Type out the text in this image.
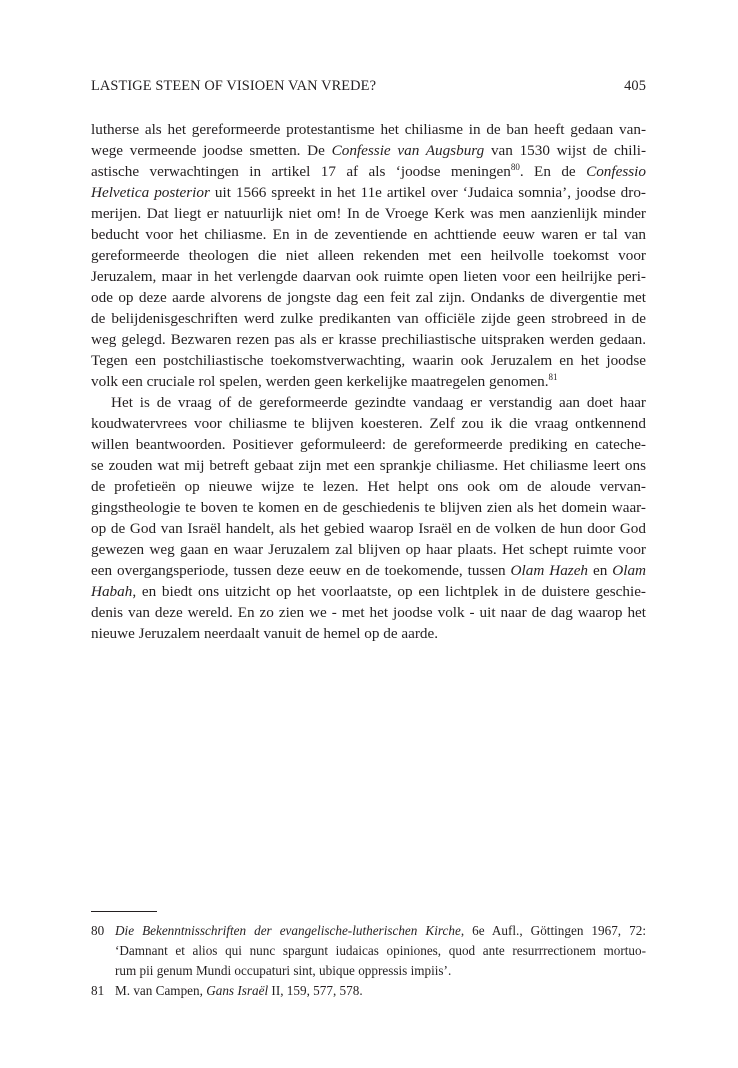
LASTIGE STEEN OF VISIOEN VAN VREDE?	405
lutherse als het gereformeerde protestantisme het chiliasme in de ban heeft gedaan van-
wege vermeende joodse smetten. De Confessie van Augsburg van 1530 wijst de chili-
astische verwachtingen in artikel 17 af als ‘joodse meningen$^{80}$. En de Confessio
Helvetica posterior uit 1566 spreekt in het 11e artikel over ‘Judaica somnia’, joodse dro-
merijen. Dat liegt er natuurlijk niet om! In de Vroege Kerk was men aanzienlijk minder
beducht voor het chiliasme. En in de zeventiende en achttiende eeuw waren er tal van
gereformeerde theologen die niet alleen rekenden met een heilvolle toekomst voor
Jeruzalem, maar in het verlengde daarvan ook ruimte open lieten voor een heilrijke peri-
ode op deze aarde alvorens de jongste dag een feit zal zijn. Ondanks de divergentie met
de belijdenisgeschriften werd zulke predikanten van officiële zijde geen strobreed in de
weg gelegd. Bezwaren rezen pas als er krasse prechiliastische uitspraken werden gedaan.
Tegen een postchiliastische toekomstverwachting, waarin ook Jeruzalem en het joodse
volk een cruciale rol spelen, werden geen kerkelijke maatregelen genomen.$^{81}$
Het is de vraag of de gereformeerde gezindte vandaag er verstandig aan doet haar
koudwatervrees voor chiliasme te blijven koesteren. Zelf zou ik die vraag ontkennend
willen beantwoorden. Positiever geformuleerd: de gereformeerde prediking en cateche-
se zouden wat mij betreft gebaat zijn met een sprankje chiliasme. Het chiliasme leert ons
de profetieën op nieuwe wijze te lezen. Het helpt ons ook om de aloude vervan-
gingstheologie te boven te komen en de geschiedenis te blijven zien als het domein waar-
op de God van Israël handelt, als het gebied waarop Israël en de volken de hun door God
gewezen weg gaan en waar Jeruzalem zal blijven op haar plaats. Het schept ruimte voor
een overgangsperiode, tussen deze eeuw en de toekomende, tussen Olam Hazeh en Olam
Habah, en biedt ons uitzicht op het voorlaatste, op een lichtplek in de duistere geschie-
denis van deze wereld. En zo zien we - met het joodse volk - uit naar de dag waarop het
nieuwe Jeruzalem neerdaalt vanuit de hemel op de aarde.
80 Die Bekenntnisschriften der evangelische-lutherischen Kirche, 6e Aufl., Göttingen 1967, 72:
‘Damnant et alios qui nunc spargunt iudaicas opiniones, quod ante resurrrectionem mortuo-
rum pii genum Mundi occupaturi sint, ubique oppressis impiis’.
81 M. van Campen, Gans Israël II, 159, 577, 578.
